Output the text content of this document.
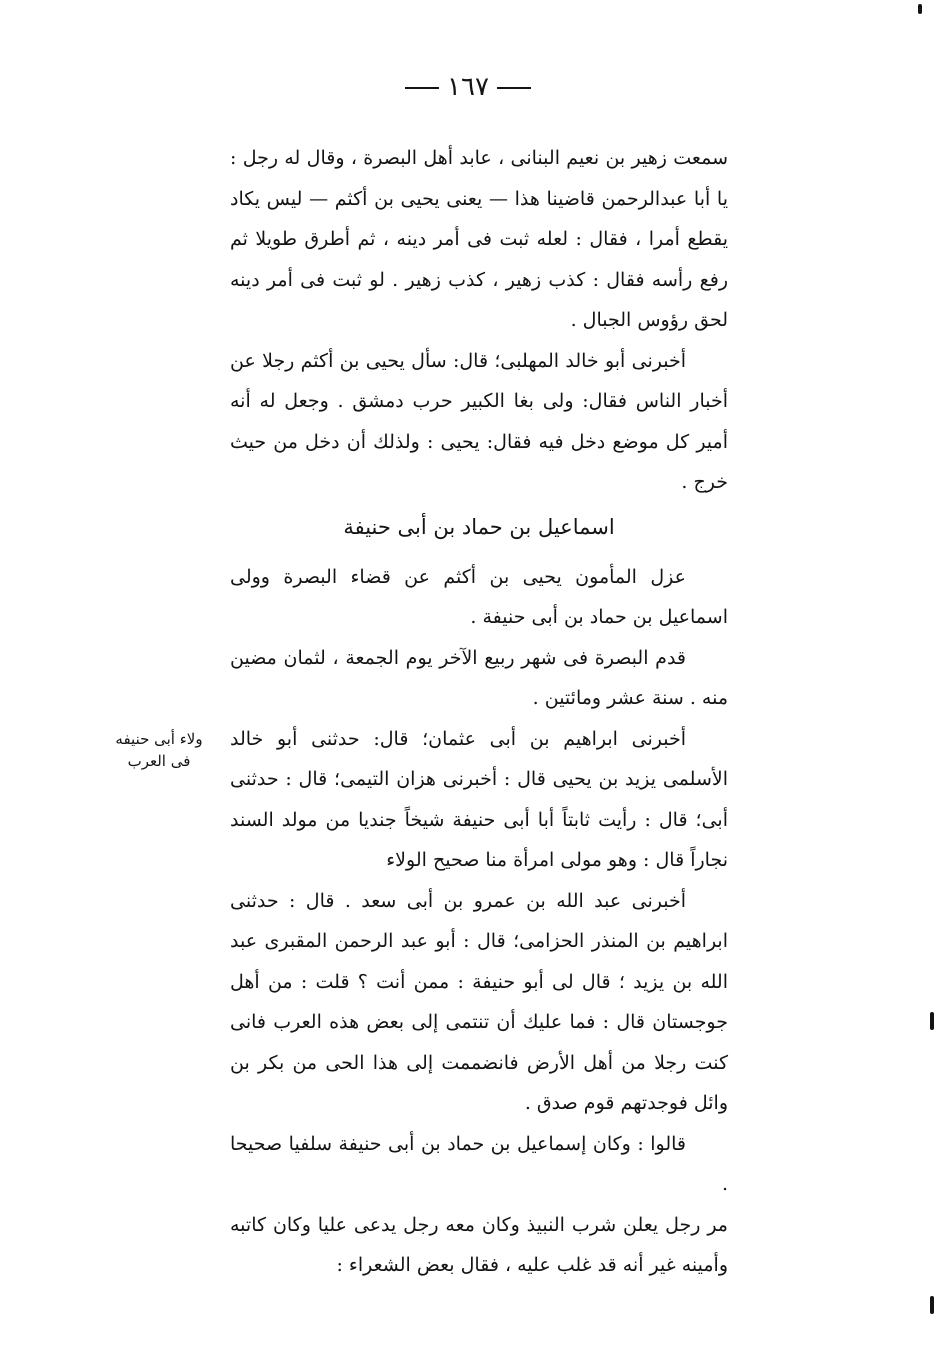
١٦٧

سمعت زهير بن نعيم البنانى ، عابد أهل البصرة ، وقال له رجل : يا أبا عبدالرحمن قاضينا هذا — يعنى يحيى بن أكثم — ليس يكاد يقطع أمرا ، فقال : لعله ثبت فى أمر دينه ، ثم أطرق طويلا ثم رفع رأسه فقال : كذب زهير ، كذب زهير . لو ثبت فى أمر دينه لحق رؤوس الجبال .

أخبرنى أبو خالد المهلبى؛ قال: سأل يحيى بن أكثم رجلا عن أخبار الناس فقال: ولى بغا الكبير حرب دمشق . وجعل له أنه أمير كل موضع دخل فيه فقال: يحيى : ولذلك أن دخل من حيث خرج .

اسماعيل بن حماد بن أبى حنيفة

عزل المأمون يحيى بن أكثم عن قضاء البصرة وولى اسماعيل بن حماد بن أبى حنيفة .

قدم البصرة فى شهر ربيع الآخر يوم الجمعة ، لثمان مضين منه . سنة عشر ومائتين .

أخبرنى ابراهيم بن أبى عثمان؛ قال: حدثنى أبو خالد الأسلمى يزيد بن يحيى قال : أخبرنى هزان التيمى؛ قال : حدثنى أبى؛ قال : رأيت ثابتاً أبا أبى حنيفة شيخاً جنديا من مولد السند نجاراً قال : وهو مولى امرأة منا صحيح الولاء

أخبرنى عبد الله بن عمرو بن أبى سعد . قال : حدثنى ابراهيم بن المنذر الحزامى؛ قال : أبو عبد الرحمن المقبرى عبد الله بن يزيد ؛ قال لى أبو حنيفة : ممن أنت ؟ قلت : من أهل جوجستان قال : فما عليك أن تنتمى إلى بعض هذه العرب فانى كنت رجلا من أهل الأرض فانضممت إلى هذا الحى من بكر بن وائل فوجدتهم قوم صدق .

قالوا : وكان إسماعيل بن حماد بن أبى حنيفة سلفيا صحيحا .

مر رجل يعلن شرب النبيذ وكان معه رجل يدعى عليا وكان كاتبه وأمينه غير أنه قد غلب عليه ، فقال بعض الشعراء :

ولاء أبى حنيفه
فى العرب
